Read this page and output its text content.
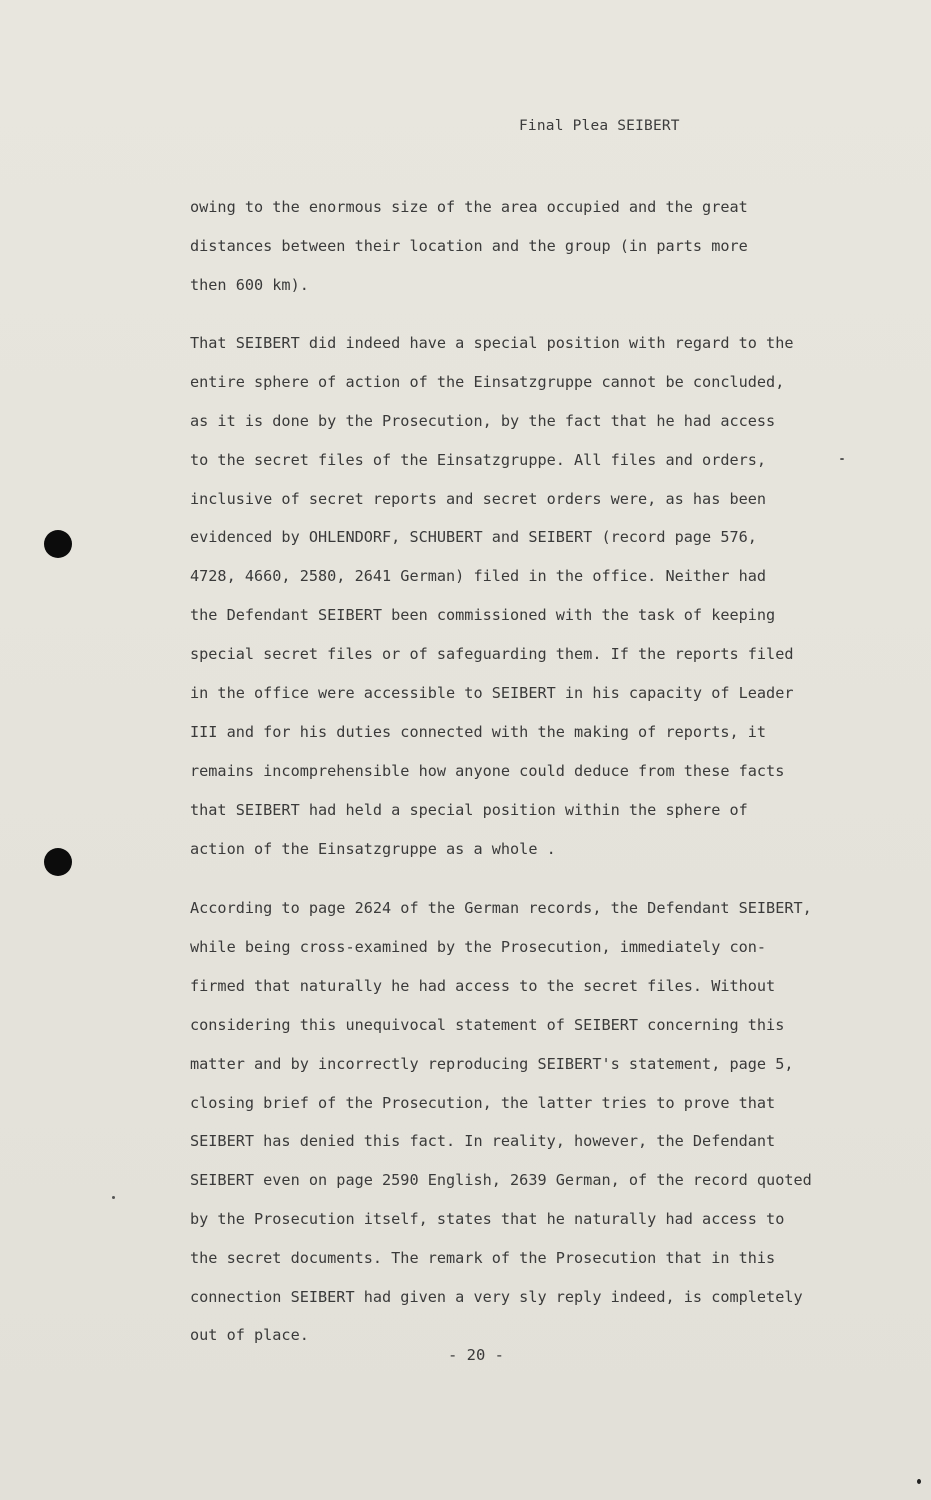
Final Plea SEIBERT
owing to the enormous size of the area occupied and the great
distances between their location and the group (in parts more
then 600 km).
That SEIBERT did indeed have a special position with regard to the
entire sphere of action of the Einsatzgruppe cannot be concluded,
as it is done by the Prosecution, by the fact that he had access
to the secret files of the Einsatzgruppe. All files and orders,
inclusive of secret reports and secret orders were, as has been
evidenced by OHLENDORF, SCHUBERT and SEIBERT (record page 576,
4728, 4660, 2580, 2641 German) filed in the office. Neither had
the Defendant SEIBERT been commissioned with the task of keeping
special secret files or of safeguarding them. If the reports filed
in the office were accessible to SEIBERT in his capacity of Leader
III and for his duties connected with the making of reports, it
remains incomprehensible how anyone could deduce from these facts
that SEIBERT had held a special position within the sphere of
action of the Einsatzgruppe as a whole .
According to page 2624 of the German records, the Defendant SEIBERT,
while being cross-examined by the Prosecution, immediately con-
firmed that naturally he had access to the secret files. Without
considering this unequivocal statement of SEIBERT concerning this
matter and by incorrectly reproducing SEIBERT's statement, page 5,
closing brief of the Prosecution, the latter tries to prove that
SEIBERT has denied this fact. In reality, however, the Defendant
SEIBERT even on page 2590 English, 2639 German, of the record quoted
by the Prosecution itself, states that he naturally had access to
the secret documents. The remark of the Prosecution that in this
connection SEIBERT had given a very sly reply indeed, is completely
out of place.
- 20 -
